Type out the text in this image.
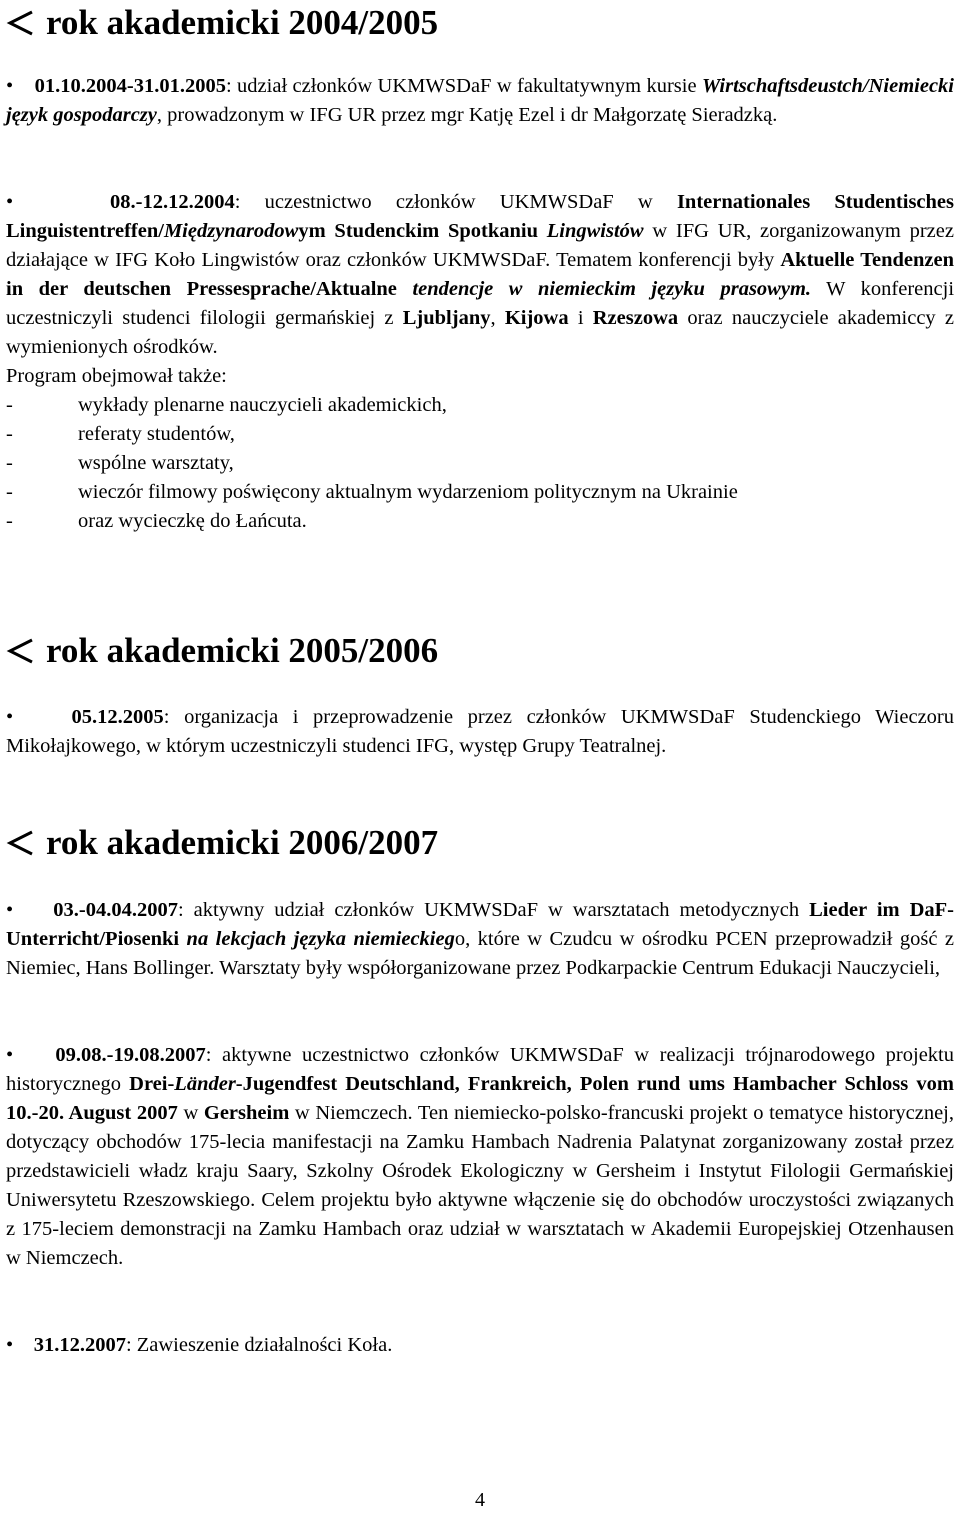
rok akademicki 2004/2005

• 01.10.2004-31.01.2005: udział członków UKMWSDaF w fakultatywnym kursie Wirtschaftsdeustch/Niemiecki język gospodarczy, prowadzonym w IFG UR przez mgr Katję Ezel i dr Małgorzatę Sieradzką.

•	08.-12.12.2004: uczestnictwo członków UKMWSDaF w Internationales Studentisches Linguistentreffen/Międzynarodowym Studenckim Spotkaniu Lingwistów w IFG UR, zorganizowanym przez działające w IFG Koło Lingwistów oraz członków UKMWSDaF. Tematem konferencji były Aktuelle Tendenzen in der deutschen Pressesprache/Aktualne tendencje w niemieckim języku prasowym. W konferencji uczestniczyli studenci filologii germańskiej z Ljubljany, Kijowa i Rzeszowa oraz nauczyciele akademiccy z wymienionych ośrodków.

Program obejmował także:

-	wykłady plenarne nauczycieli akademickich,
-	referaty studentów,
-	wspólne warsztaty,
-	wieczór filmowy poświęcony aktualnym wydarzeniom politycznym na Ukrainie
-	oraz wycieczkę do Łańcuta.
rok akademicki 2005/2006

•	05.12.2005: organizacja i przeprowadzenie przez członków UKMWSDaF Studenckiego Wieczoru Mikołajkowego, w którym uczestniczyli studenci IFG, występ Grupy Teatralnej.

rok akademicki 2006/2007

• 03.-04.04.2007: aktywny udział członków UKMWSDaF w warsztatach metodycznych Lieder im DaF-Unterricht/Piosenki na lekcjach języka niemieckiego, które w Czudcu w ośrodku PCEN przeprowadził gość z Niemiec, Hans Bollinger. Warsztaty były współorganizowane przez Podkarpackie Centrum Edukacji Nauczycieli,

• 09.08.-19.08.2007: aktywne uczestnictwo członków UKMWSDaF w realizacji trójnarodowego projektu historycznego Drei-Länder-Jugendfest Deutschland, Frankreich, Polen rund ums Hambacher Schloss vom 10.-20. August 2007 w Gersheim w Niemczech. Ten niemiecko-polsko-francuski projekt o tematyce historycznej, dotyczący obchodów 175-lecia manifestacji na Zamku Hambach Nadrenia Palatynat zorganizowany został przez przedstawicieli władz kraju Saary, Szkolny Ośrodek Ekologiczny w Gersheim i Instytut Filologii Germańskiej Uniwersytetu Rzeszowskiego. Celem projektu było aktywne włączenie się do obchodów uroczystości związanych z 175-leciem demonstracji na Zamku Hambach oraz udział w warsztatach w Akademii Europejskiej Otzenhausen w Niemczech.

• 31.12.2007: Zawieszenie działalności Koła.

4
